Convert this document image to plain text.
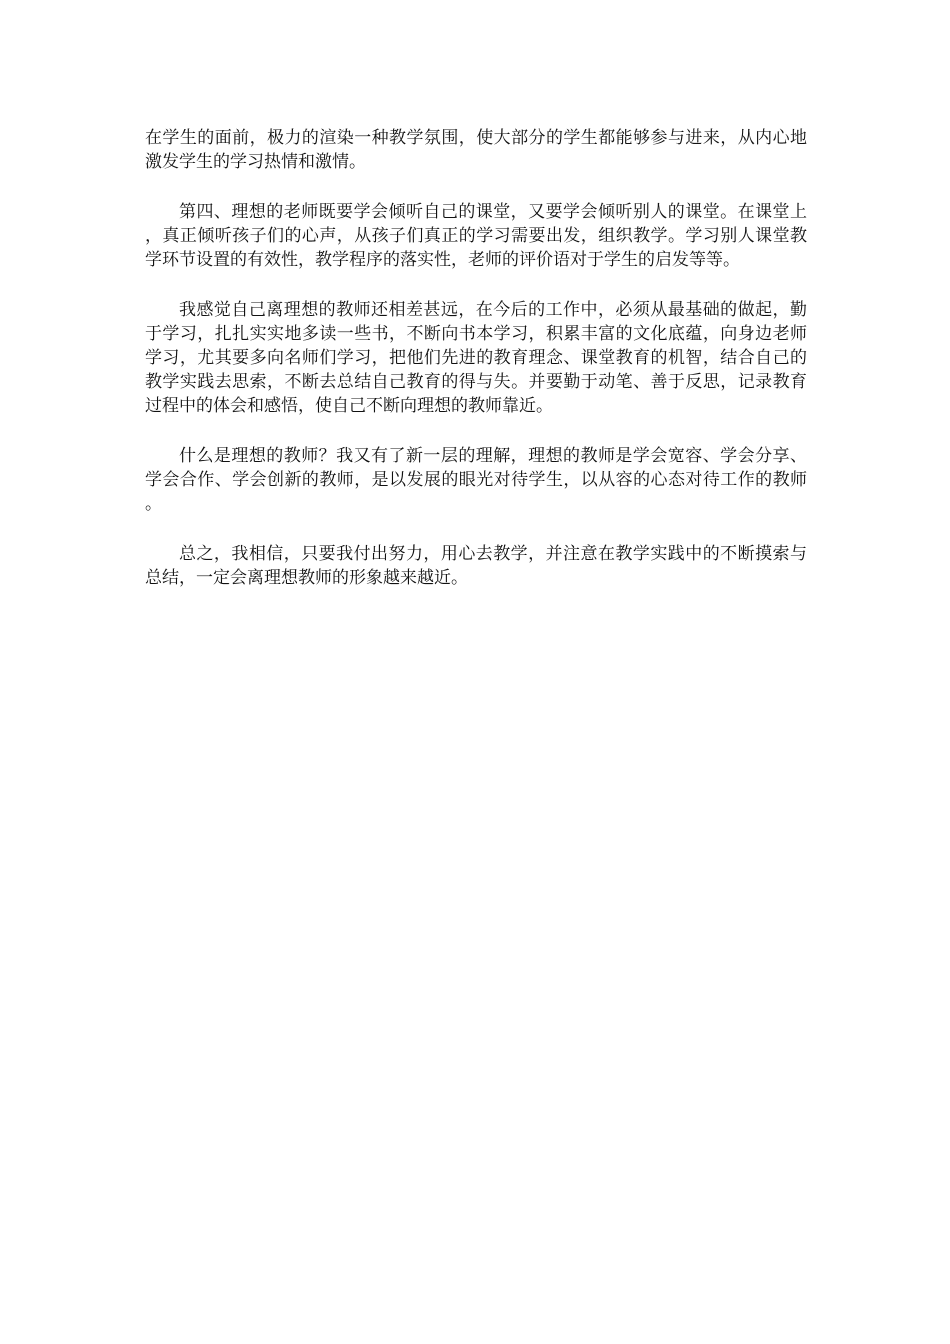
在学生的面前，极力的渲染一种教学氛围，使大部分的学生都能够参与进来，从内心地激发学生的学习热情和激情。

第四、理想的老师既要学会倾听自己的课堂，又要学会倾听别人的课堂。在课堂上，真正倾听孩子们的心声，从孩子们真正的学习需要出发，组织教学。学习别人课堂教学环节设置的有效性，教学程序的落实性，老师的评价语对于学生的启发等等。

我感觉自己离理想的教师还相差甚远，在今后的工作中，必须从最基础的做起，勤于学习，扎扎实实地多读一些书，不断向书本学习，积累丰富的文化底蕴，向身边老师学习，尤其要多向名师们学习，把他们先进的教育理念、课堂教育的机智，结合自己的教学实践去思索，不断去总结自己教育的得与失。并要勤于动笔、善于反思，记录教育过程中的体会和感悟，使自己不断向理想的教师靠近。

什么是理想的教师？我又有了新一层的理解，理想的教师是学会宽容、学会分享、学会合作、学会创新的教师，是以发展的眼光对待学生，以从容的心态对待工作的教师。

总之，我相信，只要我付出努力，用心去教学，并注意在教学实践中的不断摸索与总结，一定会离理想教师的形象越来越近。
